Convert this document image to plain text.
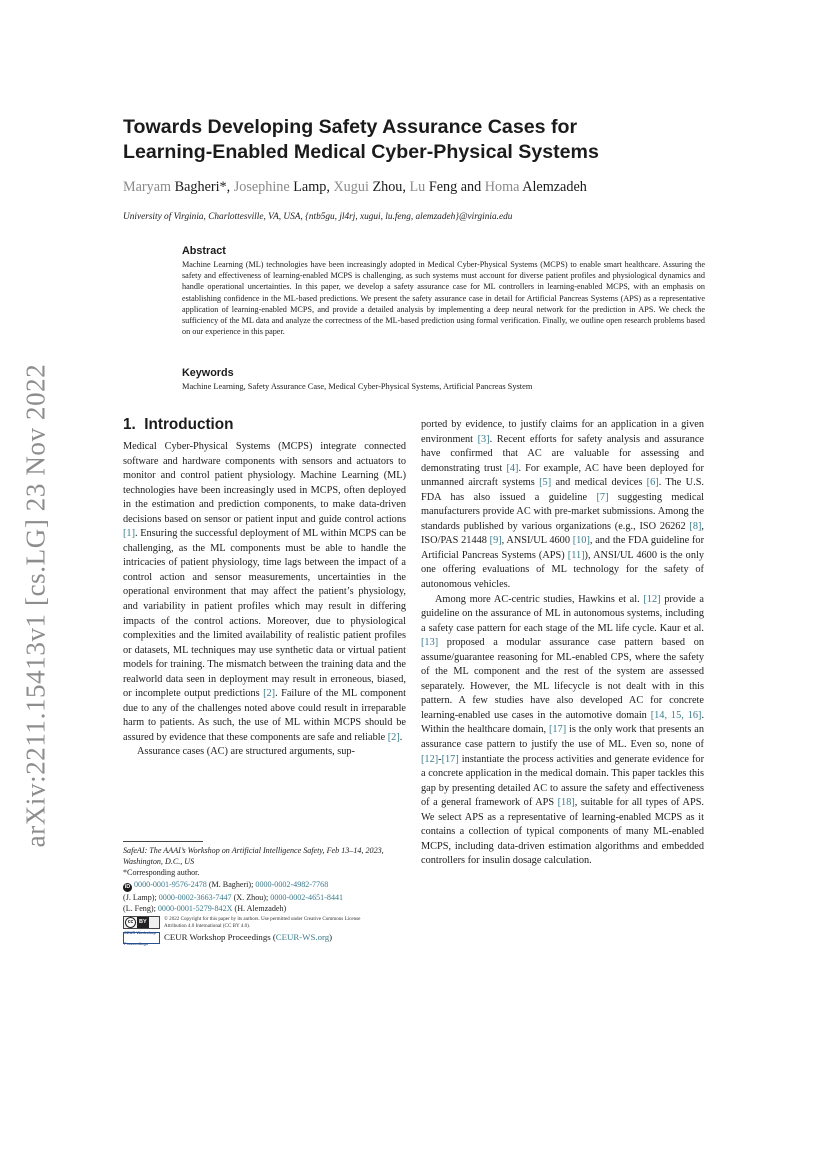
arXiv:2211.15413v1 [cs.LG] 23 Nov 2022
Towards Developing Safety Assurance Cases for
Learning-Enabled Medical Cyber-Physical Systems
Maryam Bagheri*, Josephine Lamp, Xugui Zhou, Lu Feng and Homa Alemzadeh
University of Virginia, Charlottesville, VA, USA, {ntb5gu, jl4rj, xugui, lu.feng, alemzadeh}@virginia.edu

Abstract

Machine Learning (ML) technologies have been increasingly adopted in Medical Cyber-Physical Systems (MCPS) to enable smart healthcare. Assuring the safety and effectiveness of learning-enabled MCPS is challenging, as such systems must account for diverse patient profiles and physiological dynamics and handle operational uncertainties. In this paper, we develop a safety assurance case for ML controllers in learning-enabled MCPS, with an emphasis on establishing confidence in the ML-based predictions. We present the safety assurance case in detail for Artificial Pancreas Systems (APS) as a representative application of learning-enabled MCPS, and provide a detailed analysis by implementing a deep neural network for the prediction in APS. We check the sufficiency of the ML data and analyze the correctness of the ML-based prediction using formal verification. Finally, we outline open research problems based on our experience in this paper.

Keywords

Machine Learning, Safety Assurance Case, Medical Cyber-Physical Systems, Artificial Pancreas System

1. Introduction

Medical Cyber-Physical Systems (MCPS) integrate connected software and hardware components with sensors and actuators to monitor and control patient physiology. Machine Learning (ML) technologies have been increasingly used in MCPS, often deployed in the estimation and prediction components, to make data-driven decisions based on sensor or patient input and guide control actions [1]. Ensuring the successful deployment of ML within MCPS can be challenging, as the ML components must be able to handle the intricacies of patient physiology, time lags between the impact of a control action and sensor measurements, uncertainties in the operational environment that may affect the patient’s physiology, and variability in patient profiles which may result in differing impacts of the control actions. Moreover, due to physiological complexities and the limited availability of realistic patient profiles or datasets, ML techniques may use synthetic data or virtual patient models for training. The mismatch between the training data and the realworld data seen in deployment may result in erroneous, biased, or incomplete output predictions [2]. Failure of the ML component due to any of the challenges noted above could result in irreparable harm to patients. As such, the use of ML within MCPS should be assured by evidence that these components are safe and reliable [2].

Assurance cases (AC) are structured arguments, sup-

ported by evidence, to justify claims for an application in a given environment [3]. Recent efforts for safety analysis and assurance have confirmed that AC are valuable for assessing and demonstrating trust [4]. For example, AC have been deployed for unmanned aircraft systems [5] and medical devices [6]. The U.S. FDA has also issued a guideline [7] suggesting medical manufacturers provide AC with pre-market submissions. Among the standards published by various organizations (e.g., ISO 26262 [8], ISO/PAS 21448 [9], ANSI/UL 4600 [10], and the FDA guideline for Artificial Pancreas Systems (APS) [11]), ANSI/UL 4600 is the only one offering evaluations of ML technology for the safety of autonomous vehicles.

Among more AC-centric studies, Hawkins et al. [12] provide a guideline on the assurance of ML in autonomous systems, including a safety case pattern for each stage of the ML life cycle. Kaur et al. [13] proposed a modular assurance case pattern based on assume/guarantee reasoning for ML-enabled CPS, where the safety of the ML component and the rest of the system are assessed separately. However, the ML lifecycle is not dealt with in this pattern. A few studies have also developed AC for concrete learning-enabled use cases in the automotive domain [14, 15, 16]. Within the healthcare domain, [17] is the only work that presents an assurance case pattern to justify the use of ML. Even so, none of [12]-[17] instantiate the process activities and generate evidence for a concrete application in the medical domain. This paper tackles this gap by presenting detailed AC to assure the safety and effectiveness of a general framework of APS [18], suitable for all types of APS. We select APS as a representative of learning-enabled MCPS as it contains a collection of typical components of many ML-enabled MCPS, including data-driven estimation algorithms and embedded controllers for insulin dosage calculation.

SafeAI: The AAAI’s Workshop on Artificial Intelligence Safety, Feb 13–14, 2023, Washington, D.C., US

*Corresponding author.

iD 0000-0001-9576-2478 (M. Bagheri); 0000-0002-4982-7768

(J. Lamp); 0000-0002-3663-7447 (X. Zhou); 0000-0002-4651-8441

(L. Feng); 0000-0001-5279-842X (H. Alemzadeh)

cc	BY	© 2022 Copyright for this paper by its authors. Use permitted under Creative Commons License
Attribution 4.0 International (CC BY 4.0).
CEUR Workshop Proceedings
CEUR Workshop Proceedings (CEUR-WS.org)
